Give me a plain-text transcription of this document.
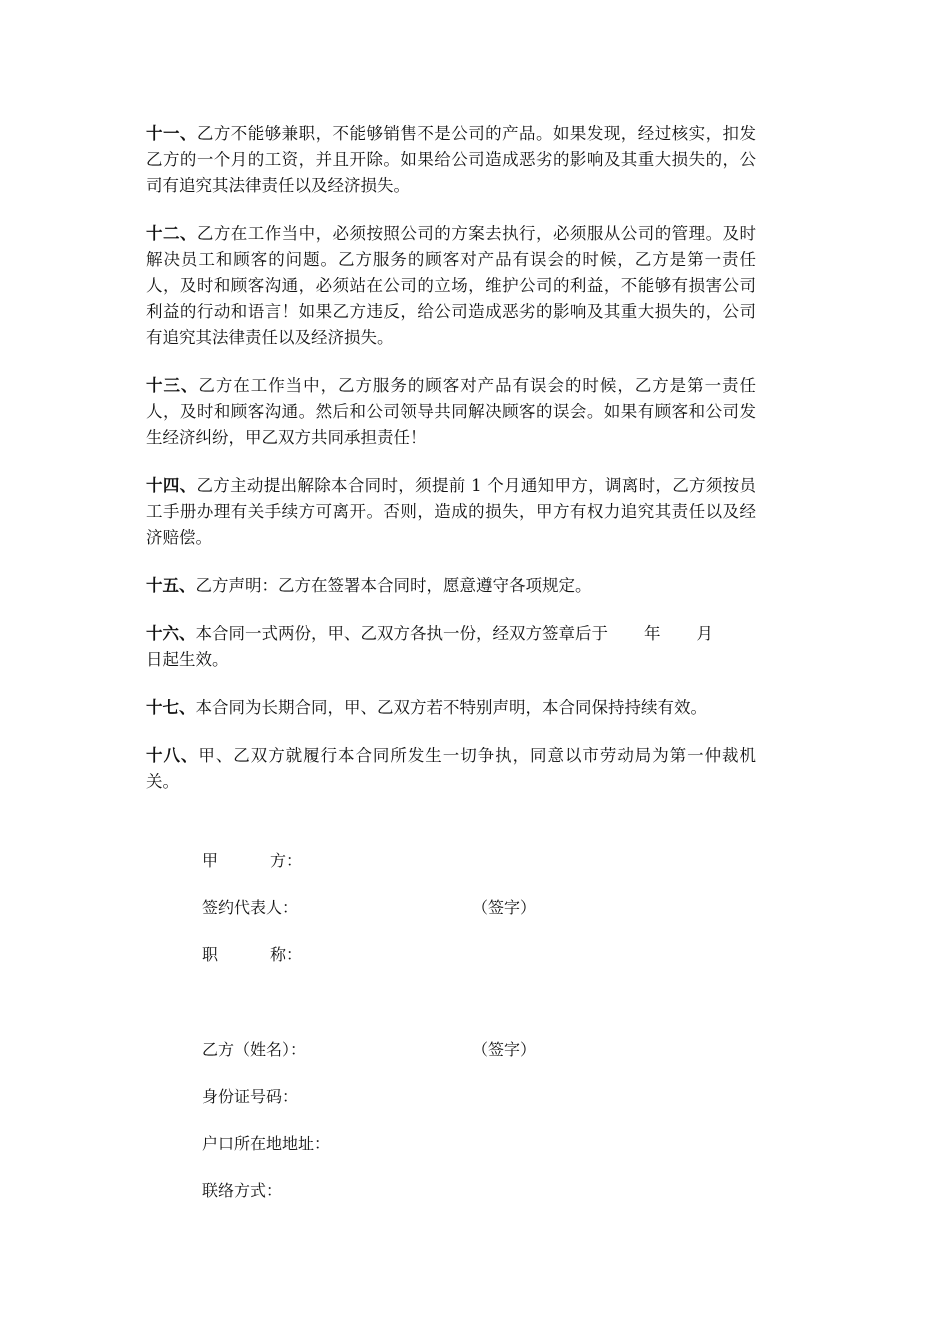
十一、乙方不能够兼职，不能够销售不是公司的产品。如果发现，经过核实，扣发乙方的一个月的工资，并且开除。如果给公司造成恶劣的影响及其重大损失的，公司有追究其法律责任以及经济损失。

十二、乙方在工作当中，必须按照公司的方案去执行，必须服从公司的管理。及时解决员工和顾客的问题。乙方服务的顾客对产品有误会的时候，乙方是第一责任人，及时和顾客沟通，必须站在公司的立场，维护公司的利益，不能够有损害公司利益的行动和语言！如果乙方违反，给公司造成恶劣的影响及其重大损失的，公司有追究其法律责任以及经济损失。

十三、乙方在工作当中，乙方服务的顾客对产品有误会的时候，乙方是第一责任人，及时和顾客沟通。然后和公司领导共同解决顾客的误会。如果有顾客和公司发生经济纠纷，甲乙双方共同承担责任！

十四、乙方主动提出解除本合同时，须提前 1 个月通知甲方，调离时，乙方须按员工手册办理有关手续方可离开。否则，造成的损失，甲方有权力追究其责任以及经济赔偿。

十五、乙方声明：乙方在签署本合同时，愿意遵守各项规定。

十六、本合同一式两份，甲、乙双方各执一份，经双方签章后于 年 月
日起生效。

十七、本合同为长期合同，甲、乙双方若不特别声明，本合同保持持续有效。

十八、甲、乙双方就履行本合同所发生一切争执，同意以市劳动局为第一仲裁机关。

甲	方：
签约代表人：	（签字）
职	称：
乙方（姓名）：	（签字）
身份证号码：
户口所在地地址：
联络方式：
